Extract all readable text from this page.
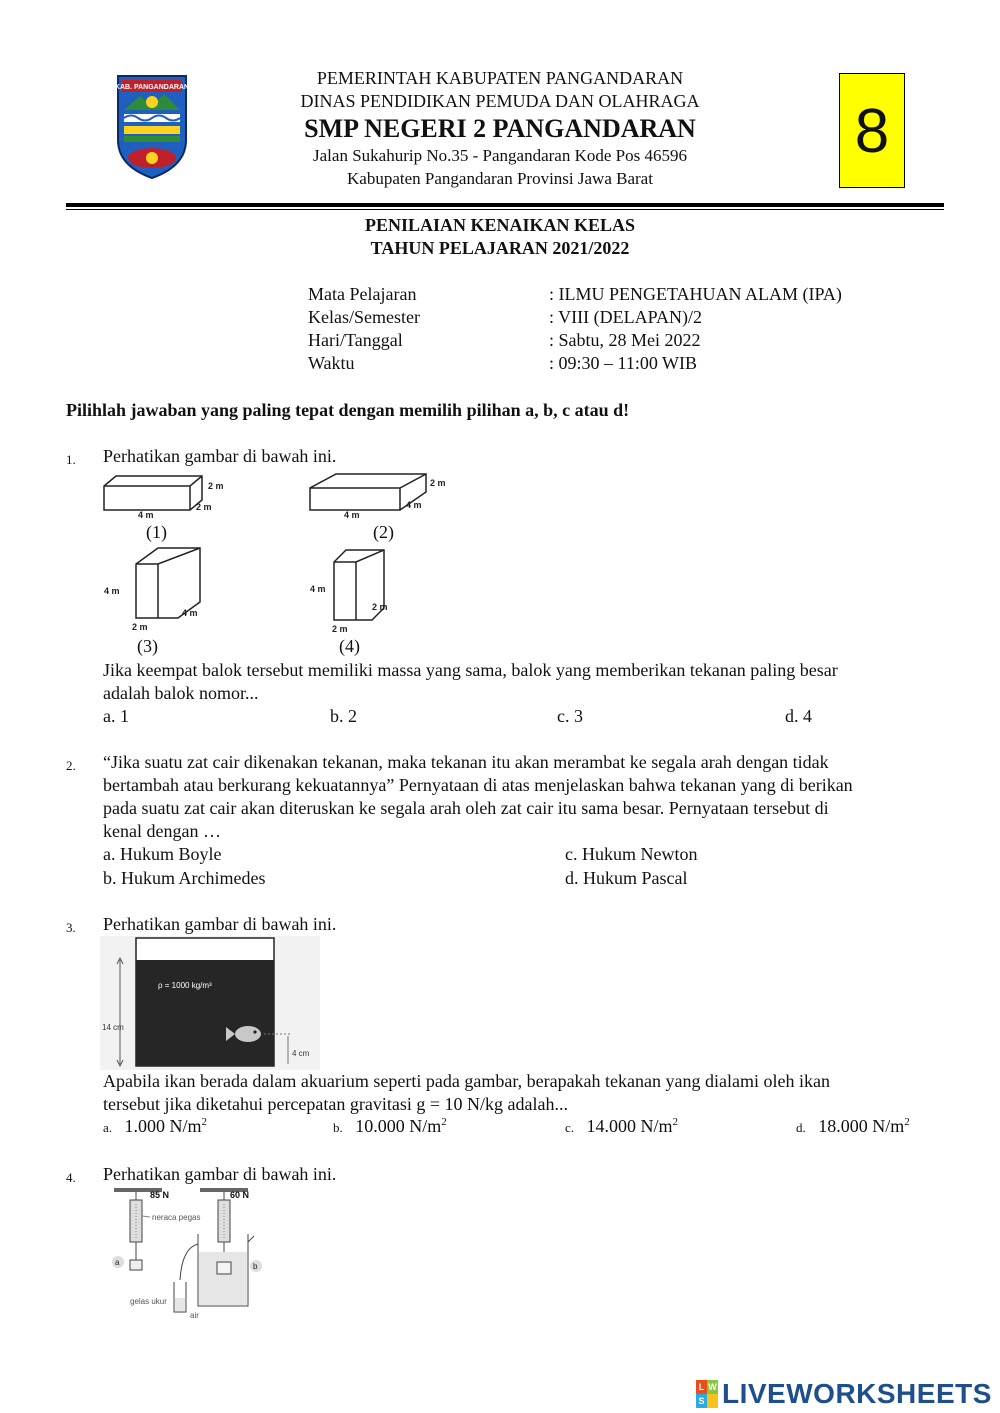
KAB. PANGANDARAN	PEMERINTAH KABUPATEN PANGANDARAN
DINAS PENDIDIKAN PEMUDA DAN OLAHRAGA
SMP NEGERI 2 PANGANDARAN
Jalan Sukahurip No.35 - Pangandaran Kode Pos 46596
Kabupaten Pangandaran Provinsi Jawa Barat
8
PENILAIAN KENAIKAN KELAS
TAHUN PELAJARAN 2021/2022
Mata Pelajaran	: ILMU PENGETAHUAN ALAM (IPA)
Kelas/Semester	: VIII (DELAPAN)/2
Hari/Tanggal	: Sabtu, 28 Mei 2022
Waktu	: 09:30 – 11:00 WIB
Pilihlah jawaban yang paling tepat dengan memilih pilihan a, b, c atau d!
1. Perhatikan gambar di bawah ini.
2 m
2 m
4 m
2 m
4 m
4 m
4 m
4 m
2 m
4 m
2 m
2 m
(1)	(2)
(3)	(4)
Jika keempat balok tersebut memiliki massa yang sama, balok yang memberikan tekanan paling besar
adalah balok nomor...
a. 1	b. 2	c. 3	d. 4
2. “Jika suatu zat cair dikenakan tekanan, maka tekanan itu akan merambat ke segala arah dengan tidak
bertambah atau berkurang kekuatannya” Pernyataan di atas menjelaskan bahwa tekanan yang di berikan
pada suatu zat cair akan diteruskan ke segala arah oleh zat cair itu sama besar. Pernyataan tersebut di
kenal dengan …
a. Hukum Boyle
b. Hukum Archimedes
c. Hukum Newton
d. Hukum Pascal
3. Perhatikan gambar di bawah ini.
14 cm
ρ = 1000 kg/m³
4 cm
Apabila ikan berada dalam akuarium seperti pada gambar, berapakah tekanan yang dialami oleh ikan
tersebut jika diketahui percepatan gravitasi g = 10 N/kg adalah...
a. 1.000 $N/m^2$	b. 10.000 $N/m^2$	c. 14.000 $N/m^2$	d. 18.000 $N/m^2$
4. Perhatikan gambar di bawah ini.
85 N	60 N
neraca pegas
a	b
gelas ukur
air
L W
S LIVEWORKSHEETS
